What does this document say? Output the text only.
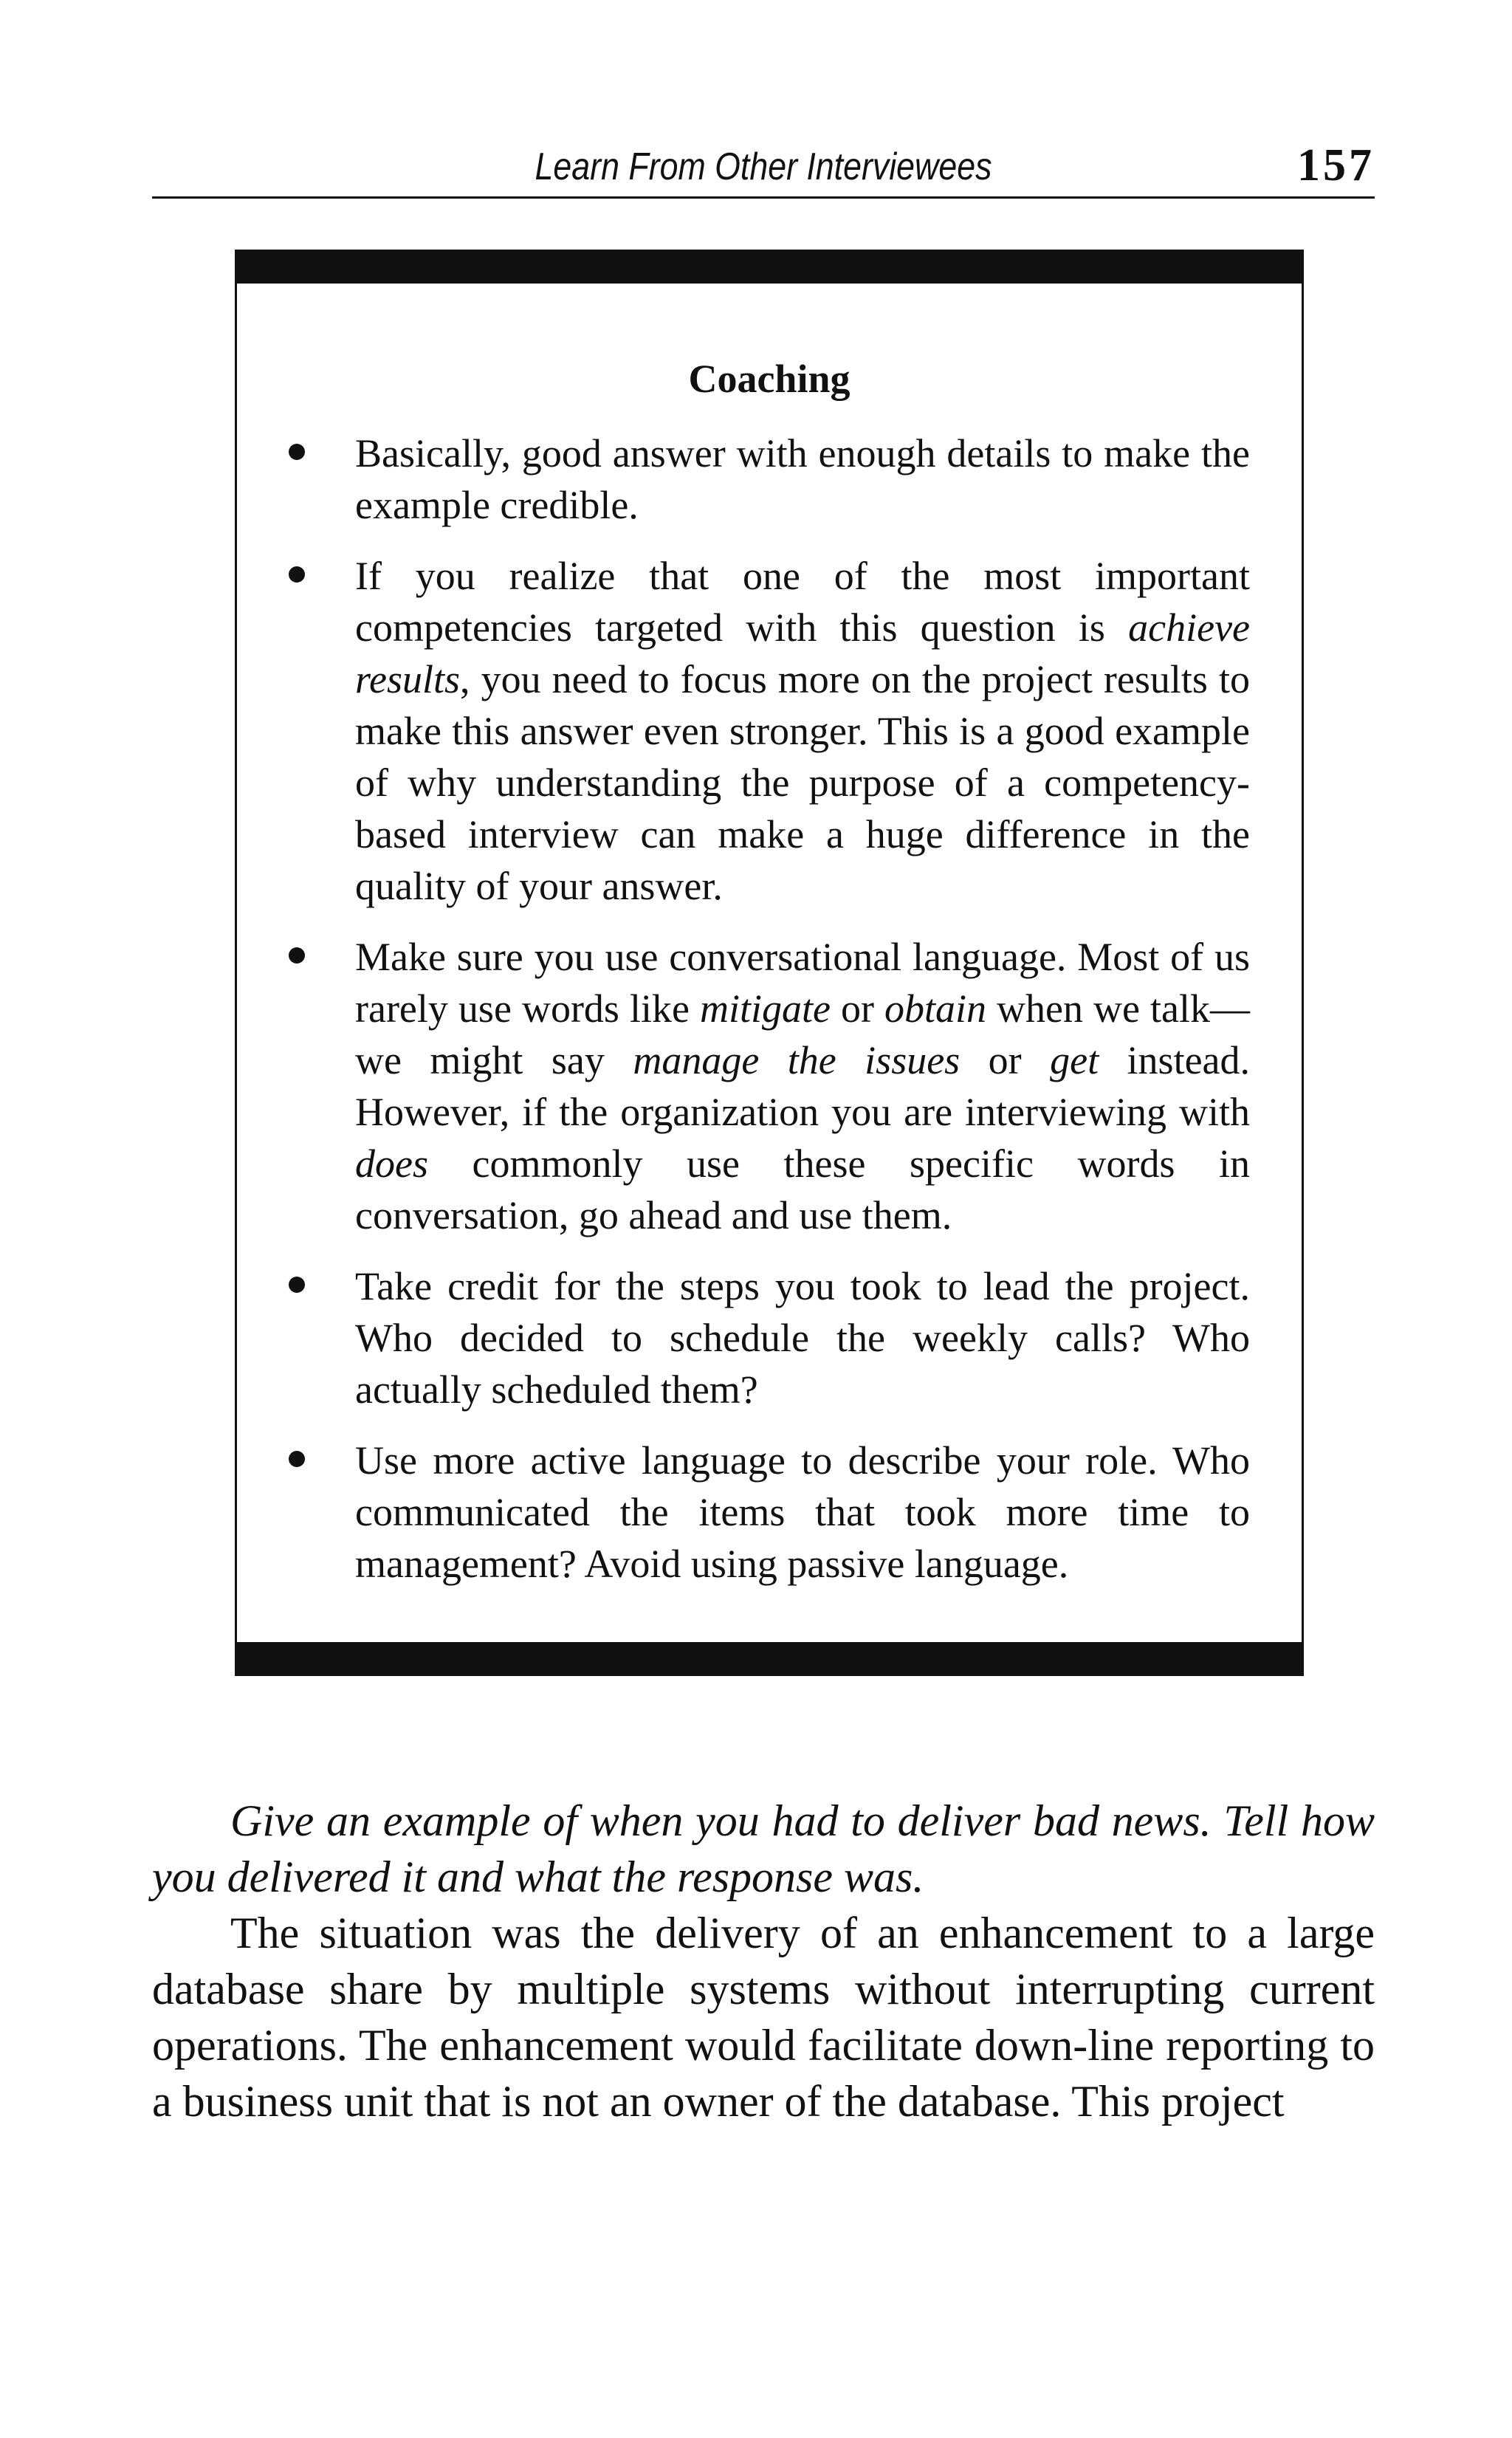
Learn From Other Interviewees	157
Coaching
Basically, good answer with enough details to make the example credible.
If you realize that one of the most important competencies targeted with this question is achieve results, you need to focus more on the project results to make this answer even stronger. This is a good example of why understanding the purpose of a competency-based interview can make a huge difference in the quality of your answer.
Make sure you use conversational language. Most of us rarely use words like mitigate or obtain when we talk—we might say manage the issues or get instead. However, if the organization you are interviewing with does commonly use these specific words in conversation, go ahead and use them.
Take credit for the steps you took to lead the project. Who decided to schedule the weekly calls? Who actually scheduled them?
Use more active language to describe your role. Who communicated the items that took more time to management? Avoid using passive language.

Give an example of when you had to deliver bad news. Tell how you delivered it and what the response was.

The situation was the delivery of an enhancement to a large database share by multiple systems without interrupting current operations. The enhancement would facilitate down-line reporting to a business unit that is not an owner of the database. This project
